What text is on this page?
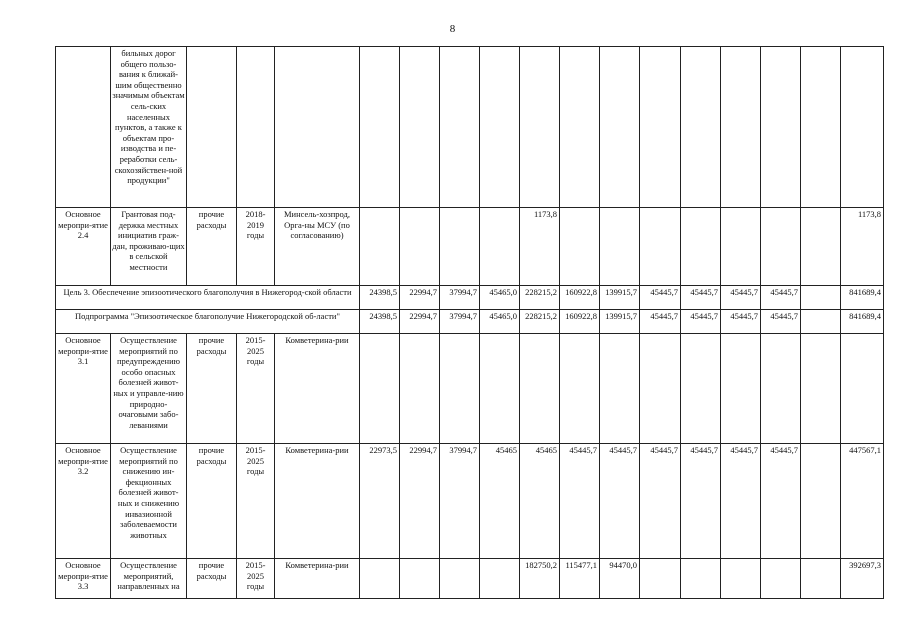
8
	бильных дорог общего пользо-вания к ближай-шим общественно значимым объектам сель-ских населенных пунктов, а также к объектам про-изводства и пе-реработки сель-скохозяйствен-ной продукции"																
Основное меропри-ятие 2.4	Грантовая под-держка местных инициатив граж-дан, проживаю-щих в сельской местности	прочие расходы	2018-2019 годы	Минсель-хозпрод, Орга-ны МСУ (по согласованию)					1173,8								1173,8
Цель 3. Обеспечение эпизоотического благополучия в Нижегород-ской области					24398,5	22994,7	37994,7	45465,0	228215,2	160922,8	139915,7	45445,7	45445,7	45445,7	45445,7		841689,4
Подпрограмма "Эпизоотическое благополучие Нижегородской об-ласти"					24398,5	22994,7	37994,7	45465,0	228215,2	160922,8	139915,7	45445,7	45445,7	45445,7	45445,7		841689,4
Основное меропри-ятие 3.1	Осуществление мероприятий по предупреждению особо опасных болезней живот-ных и управле-нию природно-очаговыми забо-леваниями	прочие расходы	2015-2025 годы	Комветерина-рии													
Основное меропри-ятие 3.2	Осуществление мероприятий по снижению ин-фекционных болезней живот-ных и снижению инвазионной заболеваемости животных	прочие расходы	2015-2025 годы	Комветерина-рии	22973,5	22994,7	37994,7	45465	45465	45445,7	45445,7	45445,7	45445,7	45445,7	45445,7		447567,1
Основное меропри-ятие 3.3	Осуществление мероприятий, направленных на	прочие расходы	2015-2025 годы	Комветерина-рии					182750,2	115477,1	94470,0						392697,3
